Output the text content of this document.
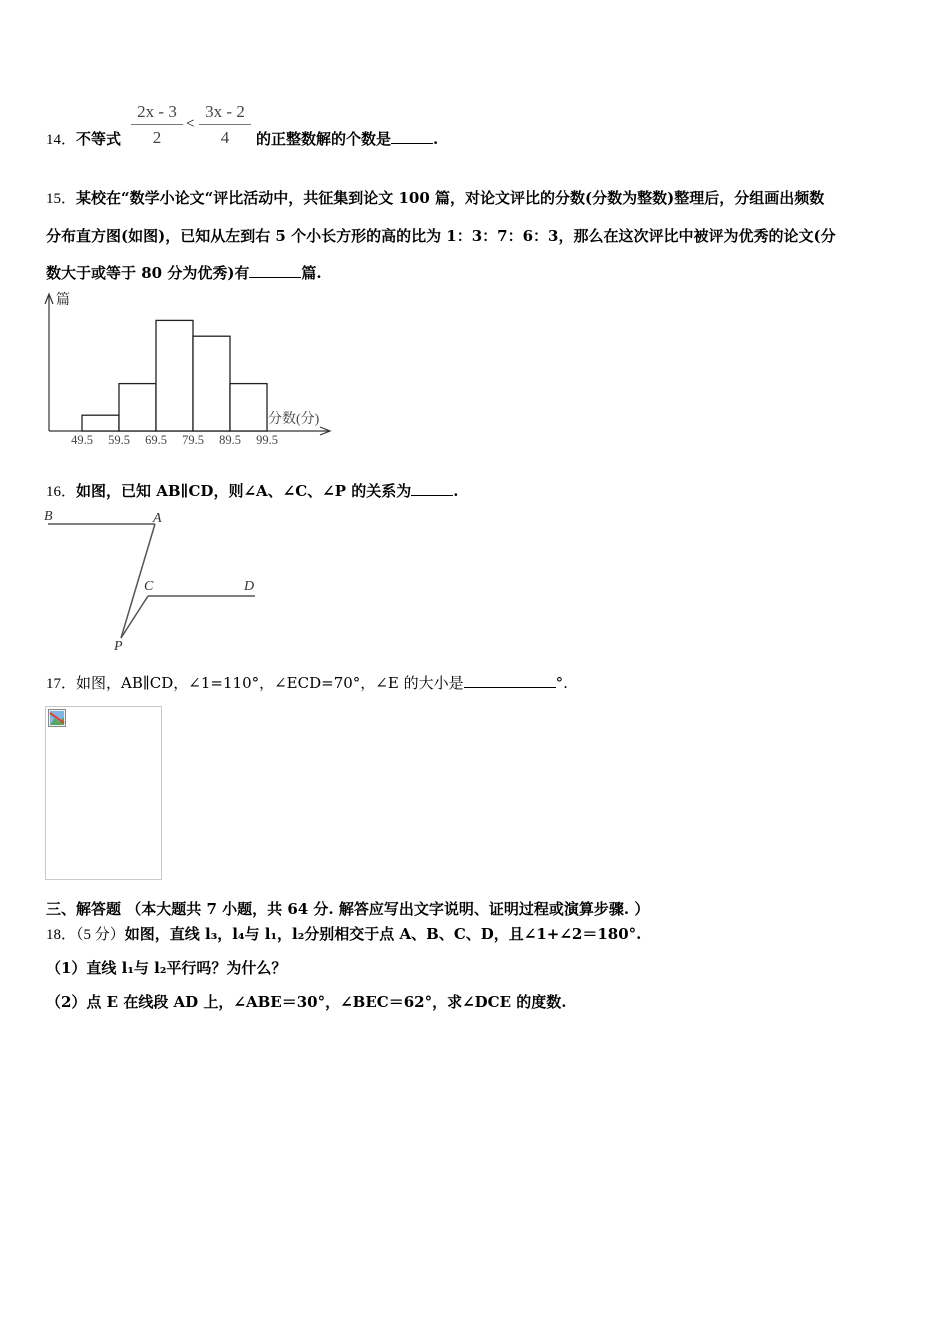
14．不等式
2x - 3
2
<
3x - 2
4	的正整数解的个数是	.
15．某校在“数学小论文“评比活动中，共征集到论文 100 篇，对论文评比的分数(分数为整数)整理后，分组画出频数
分布直方图(如图)，已知从左到右 5 个小长方形的高的比为 1：3：7：6：3，那么在这次评比中被评为优秀的论文(分
数大于或等于 80 分为优秀)有	篇.
篇
分数(分)
49.5 59.5 69.5 79.5 89.5 99.5
16．如图，已知 AB∥CD，则∠A、∠C、∠P 的关系为	.
B	A
C	D
P
17．如图，AB∥CD，∠1=110°，∠ECD=70°，∠E 的大小是	°.
三、解答题 （本大题共 7 小题，共 64 分. 解答应写出文字说明、证明过程或演算步骤. ）
18．（5 分）如图，直线 l₃，l₄与 l₁，l₂分别相交于点 A、B、C、D，且∠1+∠2＝180°.
（1）直线 l₁与 l₂平行吗？为什么？
（2）点 E 在线段 AD 上，∠ABE＝30°，∠BEC＝62°，求∠DCE 的度数.
